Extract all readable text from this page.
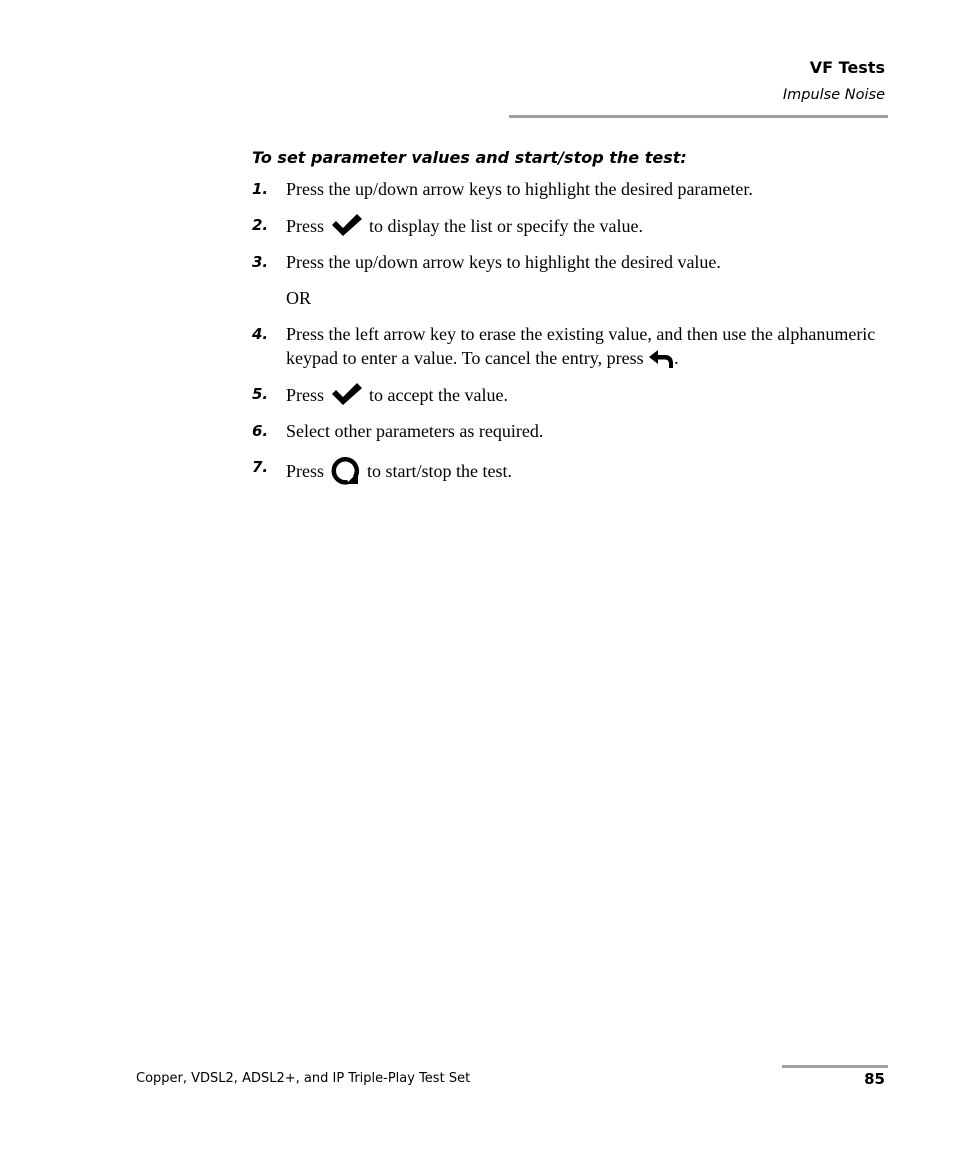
VF Tests
Impulse Noise
To set parameter values and start/stop the test:
1. Press the up/down arrow keys to highlight the desired parameter.
2. Press	to display the list or specify the value.
3. Press the up/down arrow keys to highlight the desired value.
OR
4. Press the left arrow key to erase the existing value, and then use the alphanumeric keypad to enter a value. To cancel the entry, press .
5. Press	to accept the value.
6. Select other parameters as required.
7. Press to start/stop the test.
Copper, VDSL2, ADSL2+, and IP Triple-Play Test Set	85
